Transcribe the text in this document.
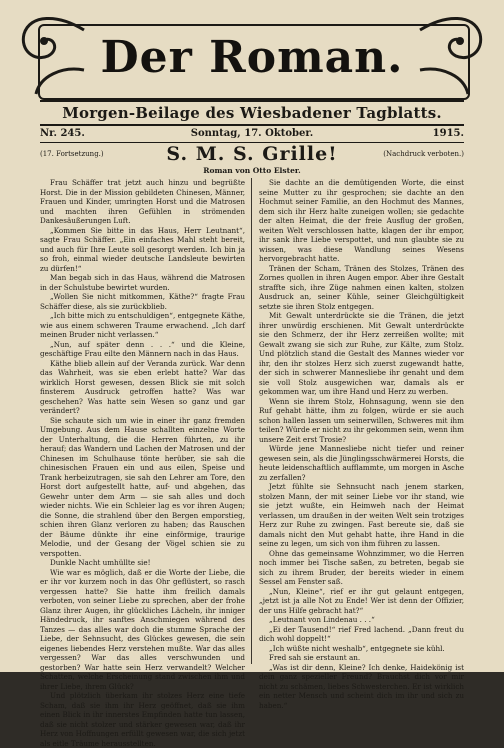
Der Roman.
Morgen-Beilage des Wiesbadener Tagblatts.
Nr. 245.	Sonntag, 17. Oktober.	1915.
(17. Fortsetzung.)	(Nachdruck verboten.)
S. M. S. Grille!
Roman von Otto Elster.

Frau Schäffer trat jetzt auch hinzu und begrüßte Horst. Die in der Mission gebildeten Chinesen, Männer, Frauen und Kinder, umringten Horst und die Matrosen und machten ihren Gefühlen in strömenden Dankesäußerungen Luft.

„Kommen Sie bitte in das Haus, Herr Leutnant“, sagte Frau Schäffer. „Ein einfaches Mahl steht bereit, und auch für Ihre Leute soll gesorgt werden. Ich bin ja so froh, einmal wieder deutsche Landsleute bewirten zu dürfen!“

Man begab sich in das Haus, während die Matrosen in der Schulstube bewirtet wurden.

„Wollen Sie nicht mitkommen, Käthe?“ fragte Frau Schäffer diese, als sie zurückblieb.

„Ich bitte mich zu entschuldigen“, entgegnete Käthe, wie aus einem schweren Traume erwachend. „Ich darf meinen Bruder nicht verlassen.“

„Nun, auf später denn . . .“ und die Kleine, geschäftige Frau eilte den Männern nach in das Haus.

Käthe blieb allein auf der Veranda zurück. War denn das Wahrheit, was sie eben erlebt hatte? War das wirklich Horst gewesen, dessen Blick sie mit solch finsterem Ausdruck getroffen hatte? Was war geschehen? Was hatte sein Wesen so ganz und gar verändert?

Sie schaute sich um wie in einer ihr ganz fremden Umgebung. Aus dem Hause schallten einzelne Worte der Unterhaltung, die die Herren führten, zu ihr herauf; das Wandern und Lachen der Matrosen und der Chinesen im Schulhause tönte herüber, sie sah die chinesischen Frauen ein und aus eilen, Speise und Trank herbeizutragen, sie sah den Lehrer am Tore, den Horst dort aufgestellt hatte, auf- und abgehen, das Gewehr unter dem Arm — sie sah alles und doch wieder nichts. Wie ein Schleier lag es vor ihren Augen; die Sonne, die strahlend über den Bergen emporstieg, schien ihren Glanz verloren zu haben; das Rauschen der Bäume dünkte ihr eine einförmige, traurige Melodie, und der Gesang der Vögel schien sie zu verspotten.

Dunkle Nacht umhüllte sie!

Wie war es möglich, daß er die Worte der Liebe, die er ihr vor kurzem noch in das Ohr geflüstert, so rasch vergessen hatte? Sie hatte ihm freilich damals verboten, von seiner Liebe zu sprechen, aber der frohe Glanz ihrer Augen, ihr glückliches Lächeln, ihr inniger Händedruck, ihr sanftes Anschmiegen während des Tanzes — das alles war doch die stumme Sprache der Liebe, der Sehnsucht, des Glückes gewesen, die sein eigenes liebendes Herz verstehen mußte. War das alles vergessen? War das alles verschwunden und gestorben? War hatte sein Herz verwandelt? Welcher Schatten, welche Erscheinung stand zwischen ihm und ihrer Liebe, ihrem Glück?

Und plötzlich überkam ihr stolzes Herz eine tiefe Scham, daß sie ihm ihr Herz geöffnet, daß sie ihm einen Blick in ihr innerstes Empfinden hatte tun lassen, daß sie nicht stolzer und stärker gewesen war, daß ihr Herz von Hoffnungen erfüllt gewesen war, die sich jetzt als eitle Träume herausstellten.

Sie dachte an die demütigenden Worte, die einst seine Mutter zu ihr gesprochen; sie dachte an den Hochmut seiner Familie, an den Hochmut des Mannes, dem sich ihr Herz halte zuneigen wollen; sie gedachte der alten Heimat, die der freie Ausflug der großen, weiten Welt verschlossen hatte, klagen der ihr empor, ihr sank ihre Liebe verspottet, und nun glaubte sie zu wissen, was diese Wandlung seines Wesens hervorgebracht hatte.

Tränen der Scham, Tränen des Stolzes, Tränen des Zornes quollen in ihren Augen empor. Aber ihre Gestalt straffte sich, ihre Züge nahmen einen kalten, stolzen Ausdruck an, seiner Kühle, seiner Gleichgültigkeit setzte sie ihren Stolz entgegen.

Mit Gewalt unterdrückte sie die Tränen, die jetzt ihrer unwürdig erschienen. Mit Gewalt unterdrückte sie den Schmerz, der ihr Herz zerreißen wollte; mit Gewalt zwang sie sich zur Ruhe, zur Kälte, zum Stolz. Und plötzlich stand die Gestalt des Mannes wieder vor ihr, den ihr stolzes Herz sich zuerst zugewandt hatte, der sich in schwerer Mannesliebe ihr genaht und dem sie voll Stolz ausgewichen war, damals als er gekommen war, um ihre Hand und Herz zu werben.

Wenn sie ihrem Stolz, Hohnsagung, wenn sie den Ruf gehabt hätte, ihm zu folgen, würde er sie auch schon hallen lassen um seinerwillen, Schweres mit ihm teilen? Würde er nicht zu ihr gekommen sein, wenn ihm unsere Zeit erst Trosie?

Würde jene Mannesliebe nicht tiefer und reiner gewesen sein, als die Jünglingsschwärmerei Horsts, die heute leidenschaftlich aufflammte, um morgen in Asche zu zerfallen?

Jetzt fühlte sie Sehnsucht nach jenem starken, stolzen Mann, der mit seiner Liebe vor ihr stand, wie sie jetzt wußte, ein Heimweh nach der Heimat verlassen, um draußen in der weiten Welt sein trotziges Herz zur Ruhe zu zwingen. Fast bereute sie, daß sie damals nicht den Mut gehabt hatte, ihre Hand in die seine zu legen, um sich von ihm führen zu lassen.

Ohne das gemeinsame Wohnzimmer, wo die Herren noch immer bei Tische saßen, zu betreten, begab sie sich zu ihrem Bruder, der bereits wieder in einem Sessel am Fenster saß.

„Nun, Kleine“, rief er ihr gut gelaunt entgegen, „jetzt ist ja alle Not zu Ende! Wer ist denn der Offizier, der uns Hilfe gebracht hat?“

„Leutnant von Lindenau . . .“

„Ei der Tausend!“ rief Fred lachend. „Dann freut du dich wohl doppelt!“

„Ich wüßte nicht weshalb“, entgegnete sie kühl.

Fred sah sie erstaunt an.

„Was ist dir denn, Kleine? Ich denke, Haidekönig ist dein ganz spezieller Freund? Brauchst dich vor mir nicht zu schämen, liebes Schwesterchen. Er ist wirklich ein netter Mensch und scheint dich im ihr und sich zu haben.“
